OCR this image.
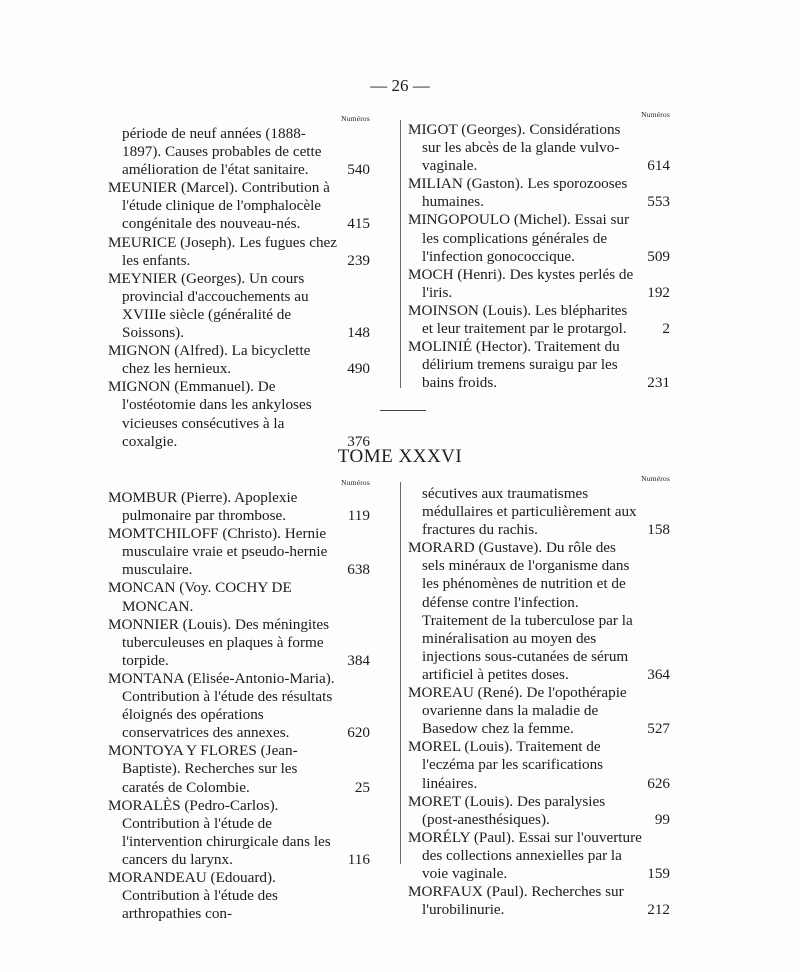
— 26 —
Numéros
période de neuf années (1888-1897). Causes probables de cette amélioration de l'état sanitaire.	540
MEUNIER (Marcel). Contribution à l'étude clinique de l'omphalocèle congénitale des nouveau-nés.	415
MEURICE (Joseph). Les fugues chez les enfants.	239
MEYNIER (Georges). Un cours provincial d'accouchements au XVIIIe siècle (généralité de Soissons).	148
MIGNON (Alfred). La bicyclette chez les hernieux.	490
MIGNON (Emmanuel). De l'ostéotomie dans les ankyloses vicieuses consécutives à la coxalgie.	376
Numéros
MIGOT (Georges). Considérations sur les abcès de la glande vulvo-vaginale.	614
MILIAN (Gaston). Les sporozooses humaines.	553
MINGOPOULO (Michel). Essai sur les complications générales de l'infection gonococcique.	509
MOCH (Henri). Des kystes perlés de l'iris.	192
MOINSON (Louis). Les blépharites et leur traitement par le protargol. 2
MOLINIÉ (Hector). Traitement du délirium tremens suraigu par les bains froids.	231
TOME XXXVI
Numéros
MOMBUR (Pierre). Apoplexie pulmonaire par thrombose.	119
MOMTCHILOFF (Christo). Hernie musculaire vraie et pseudo-hernie musculaire.	638
MONCAN (Voy. COCHY DE MONCAN.
MONNIER (Louis). Des méningites tuberculeuses en plaques à forme torpide.	384
MONTANA (Elisée-Antonio-Maria). Contribution à l'étude des résultats éloignés des opérations conservatrices des annexes.	620
MONTOYA Y FLORES (Jean-Baptiste). Recherches sur les caratés de Colombie.	25
MORALÈS (Pedro-Carlos). Contribution à l'étude de l'intervention chirurgicale dans les cancers du larynx.	116
MORANDEAU (Edouard). Contribution à l'étude des arthropathies con-
Numéros
sécutives aux traumatismes médullaires et particulièrement aux fractures du rachis.	158
MORARD (Gustave). Du rôle des sels minéraux de l'organisme dans les phénomènes de nutrition et de défense contre l'infection. Traitement de la tuberculose par la minéralisation au moyen des injections sous-cutanées de sérum artificiel à petites doses.	364
MOREAU (René). De l'opothérapie ovarienne dans la maladie de Basedow chez la femme.	527
MOREL (Louis). Traitement de l'eczéma par les scarifications linéaires.	626
MORET (Louis). Des paralysies (post-anesthésiques).	99
MORÉLY (Paul). Essai sur l'ouverture des collections annexielles par la voie vaginale.	159
MORFAUX (Paul). Recherches sur l'urobilinurie.	212
